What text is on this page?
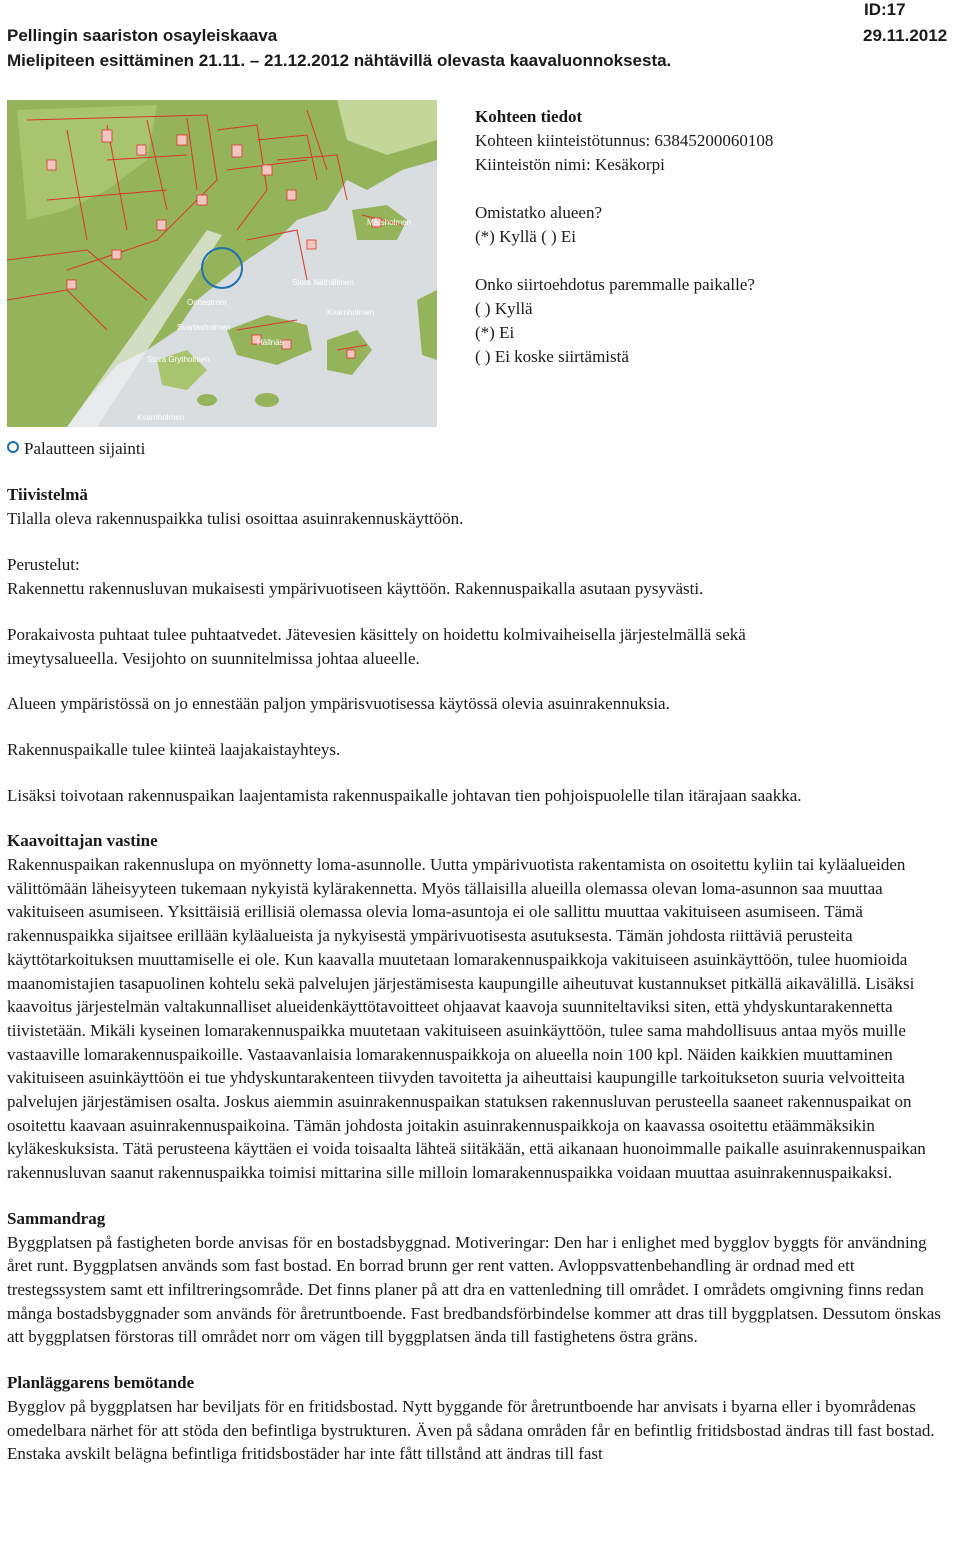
Pellingin saariston osayleiskaava
Mielipiteen esittäminen 21.11. – 21.12.2012 nähtävillä olevasta kaavaluonnoksesta.
ID:17
29.11.2012
Stora Näthällmen
Mårsholmen
Onnestrom
Svartasholmen
Stora Grytholmen
Kvarnholmen
Hällnäs
Kvarnholmen
Kohteen tiedot
Kohteen kiinteistötunnus: 63845200060108
Kiinteistön nimi: Kesäkorpi
Omistatko alueen?
(*) Kyllä ( ) Ei
Onko siirtoehdotus paremmalle paikalle?
( ) Kyllä
(*) Ei
( ) Ei koske siirtämistä
Palautteen sijainti
Tiivistelmä

Tilalla oleva rakennuspaikka tulisi osoittaa asuinrakennuskäyttöön.

Perustelut:

Rakennettu rakennusluvan mukaisesti ympärivuotiseen käyttöön. Rakennuspaikalla asutaan pysyvästi.

Porakaivosta puhtaat tulee puhtaatvedet. Jätevesien käsittely on hoidettu kolmivaiheisella järjestelmällä sekä
imeytysalueella. Vesijohto on suunnitelmissa johtaa alueelle.

Alueen ympäristössä on jo ennestään paljon ympärisvuotisessa käytössä olevia asuinrakennuksia.

Rakennuspaikalle tulee kiinteä laajakaistayhteys.

Lisäksi toivotaan rakennuspaikan laajentamista rakennuspaikalle johtavan tien pohjoispuolelle tilan itärajaan saakka.

Kaavoittajan vastine

Rakennuspaikan rakennuslupa on myönnetty loma-asunnolle. Uutta ympärivuotista rakentamista on osoitettu kyliin tai kyläalueiden välittömään läheisyyteen tukemaan nykyistä kylärakennetta. Myös tällaisilla alueilla olemassa olevan loma-asunnon saa muuttaa vakituiseen asumiseen. Yksittäisiä erillisiä olemassa olevia loma-asuntoja ei ole sallittu muuttaa vakituiseen asumiseen. Tämä rakennuspaikka sijaitsee erillään kyläalueista ja nykyisestä ympärivuotisesta asutuksesta. Tämän johdosta riittäviä perusteita käyttötarkoituksen muuttamiselle ei ole. Kun kaavalla muutetaan lomarakennuspaikkoja vakituiseen asuinkäyttöön, tulee huomioida maanomistajien tasapuolinen kohtelu sekä palvelujen järjestämisesta kaupungille aiheutuvat kustannukset pitkällä aikavälillä. Lisäksi kaavoitus järjestelmän valtakunnalliset alueidenkäyttötavoitteet ohjaavat kaavoja suunniteltaviksi siten, että yhdyskuntarakennetta tiivistetään. Mikäli kyseinen lomarakennuspaikka muutetaan vakituiseen asuinkäyttöön, tulee sama mahdollisuus antaa myös muille vastaaville lomarakennuspaikoille. Vastaavanlaisia lomarakennuspaikkoja on alueella noin 100 kpl. Näiden kaikkien muuttaminen vakituiseen asuinkäyttöön ei tue yhdyskuntarakenteen tiivyden tavoitetta ja aiheuttaisi kaupungille tarkoitukseton suuria velvoitteita palvelujen järjestämisen osalta. Joskus aiemmin asuinrakennuspaikan statuksen rakennusluvan perusteella saaneet rakennuspaikat on osoitettu kaavaan asuinrakennuspaikoina. Tämän johdosta joitakin asuinrakennuspaikkoja on kaavassa osoitettu etäämmäksikin kyläkeskuksista. Tätä perusteena käyttäen ei voida toisaalta lähteä siitäkään, että aikanaan huonoimmalle paikalle asuinrakennuspaikan rakennusluvan saanut rakennuspaikka toimisi mittarina sille milloin lomarakennuspaikka voidaan muuttaa asuinrakennuspaikaksi.

Sammandrag

Byggplatsen på fastigheten borde anvisas för en bostadsbyggnad. Motiveringar: Den har i enlighet med bygglov byggts för användning året runt. Byggplatsen används som fast bostad. En borrad brunn ger rent vatten. Avloppsvattenbehandling är ordnad med ett trestegssystem samt ett infiltreringsområde. Det finns planer på att dra en vattenledning till området. I områdets omgivning finns redan många bostadsbyggnader som används för åretruntboende. Fast bredbandsförbindelse kommer att dras till byggplatsen. Dessutom önskas att byggplatsen förstoras till området norr om vägen till byggplatsen ända till fastighetens östra gräns.

Planläggarens bemötande

Bygglov på byggplatsen har beviljats för en fritidsbostad. Nytt byggande för åretruntboende har anvisats i byarna eller i byområdenas omedelbara närhet för att stöda den befintliga bystrukturen. Även på sådana områden får en befintlig fritidsbostad ändras till fast bostad. Enstaka avskilt belägna befintliga fritidsbostäder har inte fått tillstånd att ändras till fast
